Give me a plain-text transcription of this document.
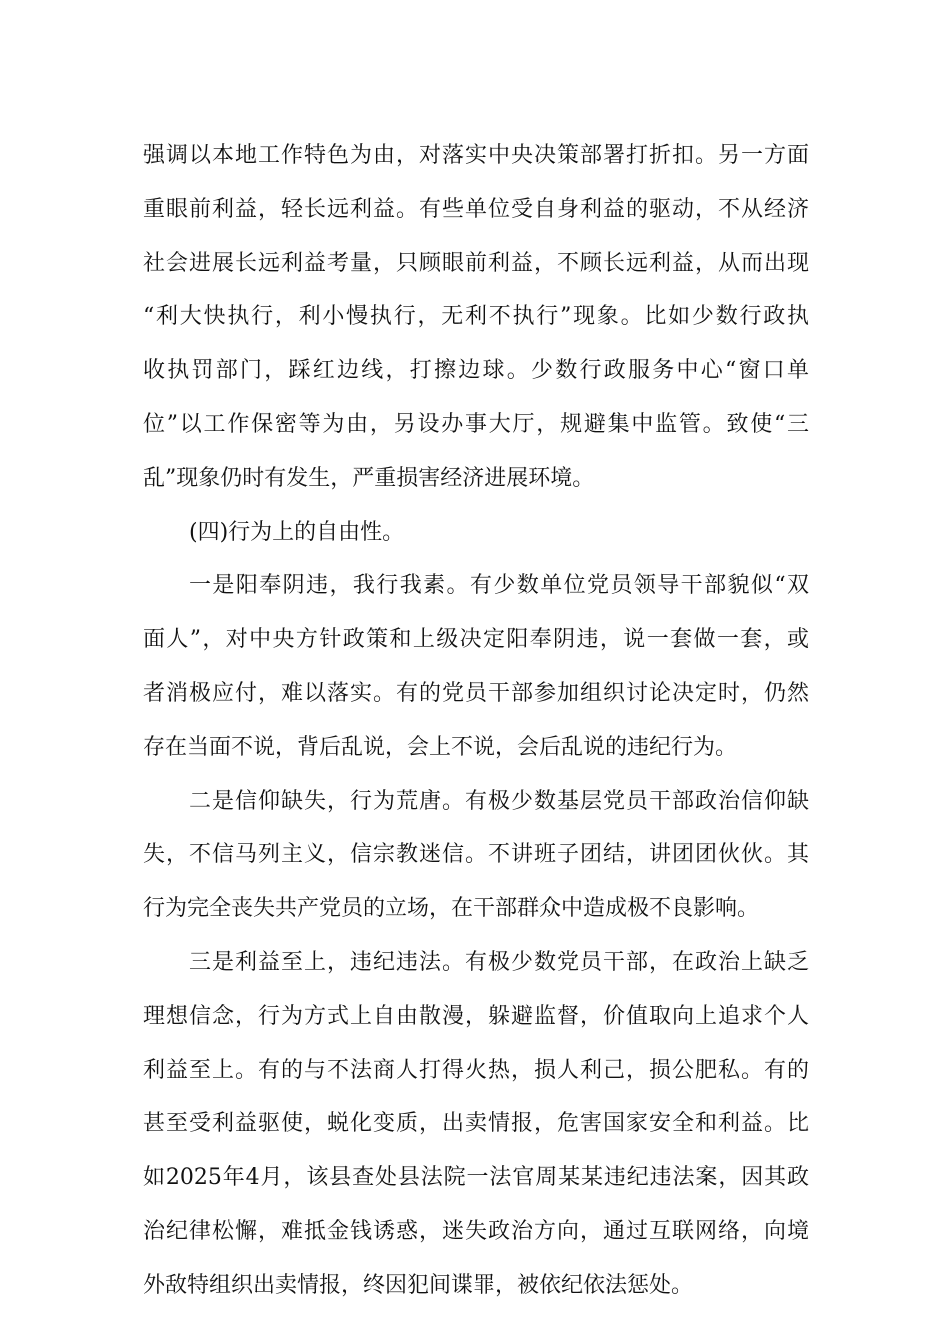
强调以本地工作特色为由，对落实中央决策部署打折扣。另一方面
重眼前利益，轻长远利益。有些单位受自身利益的驱动，不从经济
社会进展长远利益考量，只顾眼前利益，不顾长远利益，从而出现
“利大快执行，利小慢执行，无利不执行”现象。比如少数行政执
收执罚部门，踩红边线，打擦边球。少数行政服务中心“窗口单
位”以工作保密等为由，另设办事大厅，规避集中监管。致使“三
乱”现象仍时有发生，严重损害经济进展环境。
(四)行为上的自由性。
一是阳奉阴违，我行我素。有少数单位党员领导干部貌似“双
面人”，对中央方针政策和上级决定阳奉阴违，说一套做一套，或
者消极应付，难以落实。有的党员干部参加组织讨论决定时，仍然
存在当面不说，背后乱说，会上不说，会后乱说的违纪行为。
二是信仰缺失，行为荒唐。有极少数基层党员干部政治信仰缺
失，不信马列主义，信宗教迷信。不讲班子团结，讲团团伙伙。其
行为完全丧失共产党员的立场，在干部群众中造成极不良影响。
三是利益至上，违纪违法。有极少数党员干部，在政治上缺乏
理想信念，行为方式上自由散漫，躲避监督，价值取向上追求个人
利益至上。有的与不法商人打得火热，损人利己，损公肥私。有的
甚至受利益驱使，蜕化变质，出卖情报，危害国家安全和利益。比
如2025年4月，该县查处县法院一法官周某某违纪违法案，因其政
治纪律松懈，难抵金钱诱惑，迷失政治方向，通过互联网络，向境
外敌特组织出卖情报，终因犯间谍罪，被依纪依法惩处。
